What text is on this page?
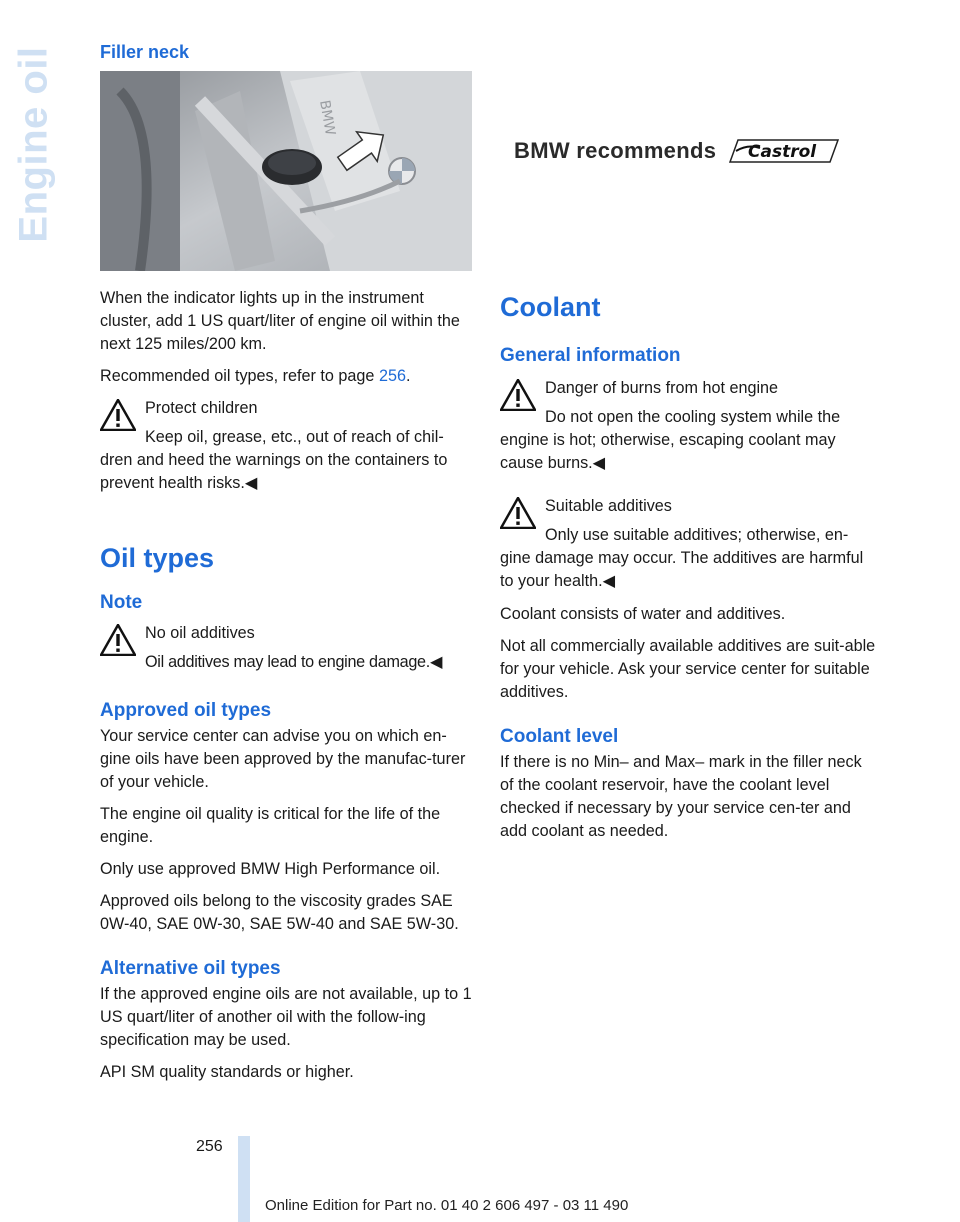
Engine oil Filler neck
BMW

When the indicator lights up in the instrument cluster, add 1 US quart/liter of engine oil within the next 125 miles/200 km.

Recommended oil types, refer to page 256.

Protect children
Keep oil, grease, etc., out of reach of chil-dren and heed the warnings on the containers to prevent health risks.◀
Oil types
Note
No oil additives
Oil additives may lead to engine damage.◀
Approved oil types

Your service center can advise you on which en-gine oils have been approved by the manufac-turer of your vehicle.

The engine oil quality is critical for the life of the engine.

Only use approved BMW High Performance oil.

Approved oils belong to the viscosity grades SAE 0W-40, SAE 0W-30, SAE 5W-40 and SAE 5W-30.

Alternative oil types

If the approved engine oils are not available, up to 1 US quart/liter of another oil with the follow-ing specification may be used.

API SM quality standards or higher.

BMW recommends Castrol
Coolant
General information
Danger of burns from hot engine
Do not open the cooling system while the engine is hot; otherwise, escaping coolant may cause burns.◀
Suitable additives
Only use suitable additives; otherwise, en-gine damage may occur. The additives are harmful to your health.◀

Coolant consists of water and additives.

Not all commercially available additives are suit-able for your vehicle. Ask your service center for suitable additives.

Coolant level

If there is no Min– and Max– mark in the filler neck of the coolant reservoir, have the coolant level checked if necessary by your service cen-ter and add coolant as needed.

256
Online Edition for Part no. 01 40 2 606 497 - 03 11 490
